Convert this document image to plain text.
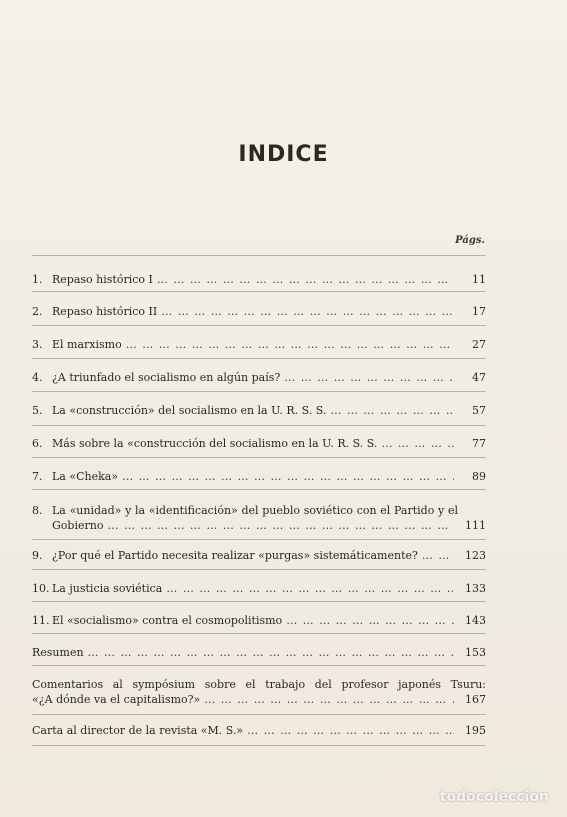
INDICE
Págs.
1. Repaso histórico I … … … … … … … … … … … … … … … … … … … … … … … … … … … … … … … … … … … … … … … … … … … … … … … … …	11
2. Repaso histórico II … … … … … … … … … … … … … … … … … … … … … … … … … … … … … … … … … … … … … … … … … … … … … … … … …	17
3. El marxismo … … … … … … … … … … … … … … … … … … … … … … … … … … … … … … … … … … … … … … … … … … … … … … … … …	27
4. ¿A triunfado el socialismo en algún país? … … … … … … … … … … … … … … … … … … … … … … … … … … … … … … … … … … … … … … … … … … … … … … … … …	47
5. La «construcción» del socialismo en la U. R. S. S. … … … … … … … … … … … … … … … … … … … … … … … … … … … … … … … … … … … … … … … … … … … … … … … … …	57
6. Más sobre la «construcción del socialismo en la U. R. S. S. … … … … … … … … … … … … … … … … … … … … … … … … … … … … … … … … … … … … … … … … … … … … … … … … …	77
7. La «Cheka» … … … … … … … … … … … … … … … … … … … … … … … … … … … … … … … … … … … … … … … … … … … … … … … … …	89
8. La «unidad» y la «identificación» del pueblo soviético con el Partido y el
Gobierno … … … … … … … … … … … … … … … … … … … … … … … … … … … … … … … … … … … … … … … … … … … … … … … … …	111
9. ¿Por qué el Partido necesita realizar «purgas» sistemáticamente? … … … … … … … … … … … … … … … … … … … … … … … … … … … … … … … … … … … … … … … … … … … … … … … … …	123
10. La justicia soviética … … … … … … … … … … … … … … … … … … … … … … … … … … … … … … … … … … … … … … … … … … … … … … … … …	133
11. El «socialismo» contra el cosmopolitismo … … … … … … … … … … … … … … … … … … … … … … … … … … … … … … … … … … … … … … … … … … … … … … … … …	143
Resumen … … … … … … … … … … … … … … … … … … … … … … … … … … … … … … … … … … … … … … … … … … … … … … … … …	153
Comentarios al sympósium sobre el trabajo del profesor japonés Tsuru:
«¿A dónde va el capitalismo?» … … … … … … … … … … … … … … … … … … … … … … … … … … … … … … … … … … … … … … … … … … … … … … … … …	167
Carta al director de la revista «M. S.» … … … … … … … … … … … … … … … … … … … … … … … … … … … … … … … … … … … … … … … … … … … … … … … … …	195
todocoleccion
